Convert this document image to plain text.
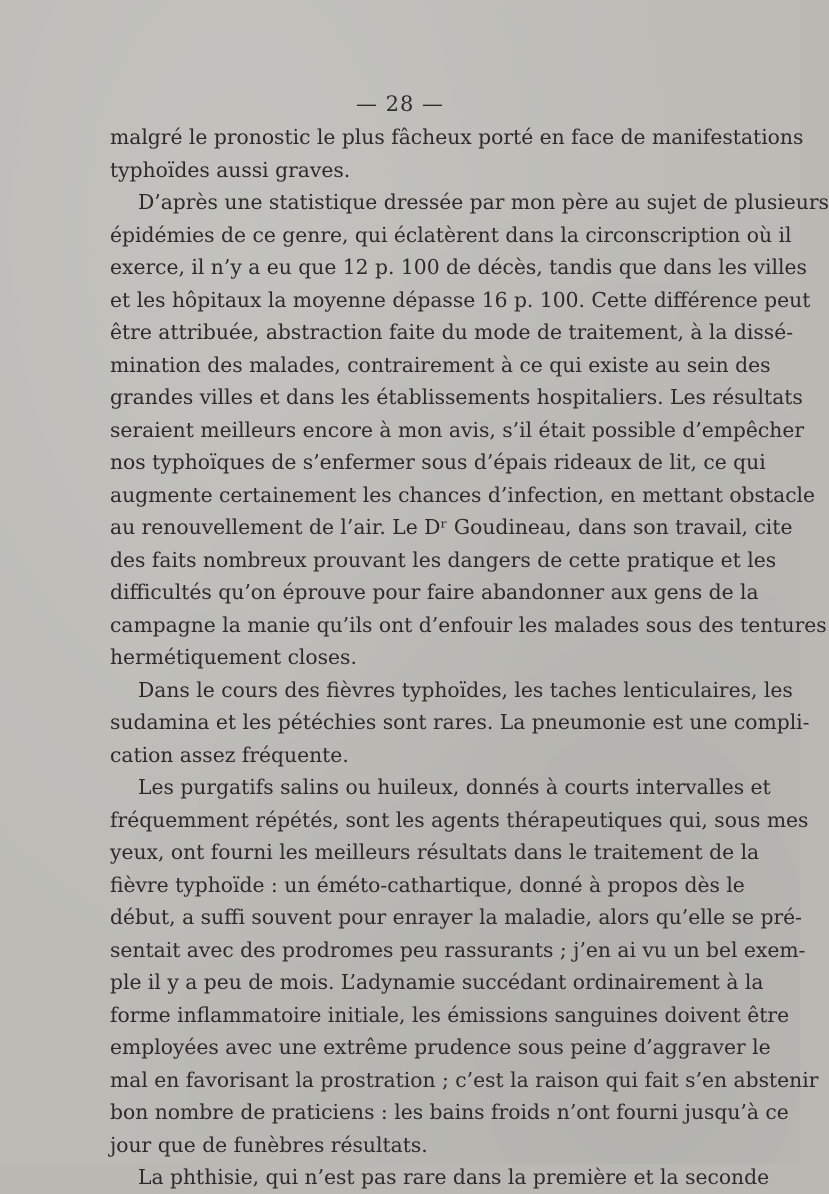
— 28 —
malgré le pronostic le plus fâcheux porté en face de manifestations
typhoïdes aussi graves.
D’après une statistique dressée par mon père au sujet de plusieurs
épidémies de ce genre, qui éclatèrent dans la circonscription où il
exerce, il n’y a eu que 12 p. 100 de décès, tandis que dans les villes
et les hôpitaux la moyenne dépasse 16 p. 100. Cette différence peut
être attribuée, abstraction faite du mode de traitement, à la dissé-
mination des malades, contrairement à ce qui existe au sein des
grandes villes et dans les établissements hospitaliers. Les résultats
seraient meilleurs encore à mon avis, s’il était possible d’empêcher
nos typhoïques de s’enfermer sous d’épais rideaux de lit, ce qui
augmente certainement les chances d’infection, en mettant obstacle
au renouvellement de l’air. Le Dʳ Goudineau, dans son travail, cite
des faits nombreux prouvant les dangers de cette pratique et les
difficultés qu’on éprouve pour faire abandonner aux gens de la
campagne la manie qu’ils ont d’enfouir les malades sous des tentures
hermétiquement closes.
Dans le cours des fièvres typhoïdes, les taches lenticulaires, les
sudamina et les pétéchies sont rares. La pneumonie est une compli-
cation assez fréquente.
Les purgatifs salins ou huileux, donnés à courts intervalles et
fréquemment répétés, sont les agents thérapeutiques qui, sous mes
yeux, ont fourni les meilleurs résultats dans le traitement de la
fièvre typhoïde : un éméto-cathartique, donné à propos dès le
début, a suffi souvent pour enrayer la maladie, alors qu’elle se pré-
sentait avec des prodromes peu rassurants ; j’en ai vu un bel exem-
ple il y a peu de mois. L’adynamie succédant ordinairement à la
forme inflammatoire initiale, les émissions sanguines doivent être
employées avec une extrême prudence sous peine d’aggraver le
mal en favorisant la prostration ; c’est la raison qui fait s’en abstenir
bon nombre de praticiens : les bains froids n’ont fourni jusqu’à ce
jour que de funèbres résultats.
La phthisie, qui n’est pas rare dans la première et la seconde
